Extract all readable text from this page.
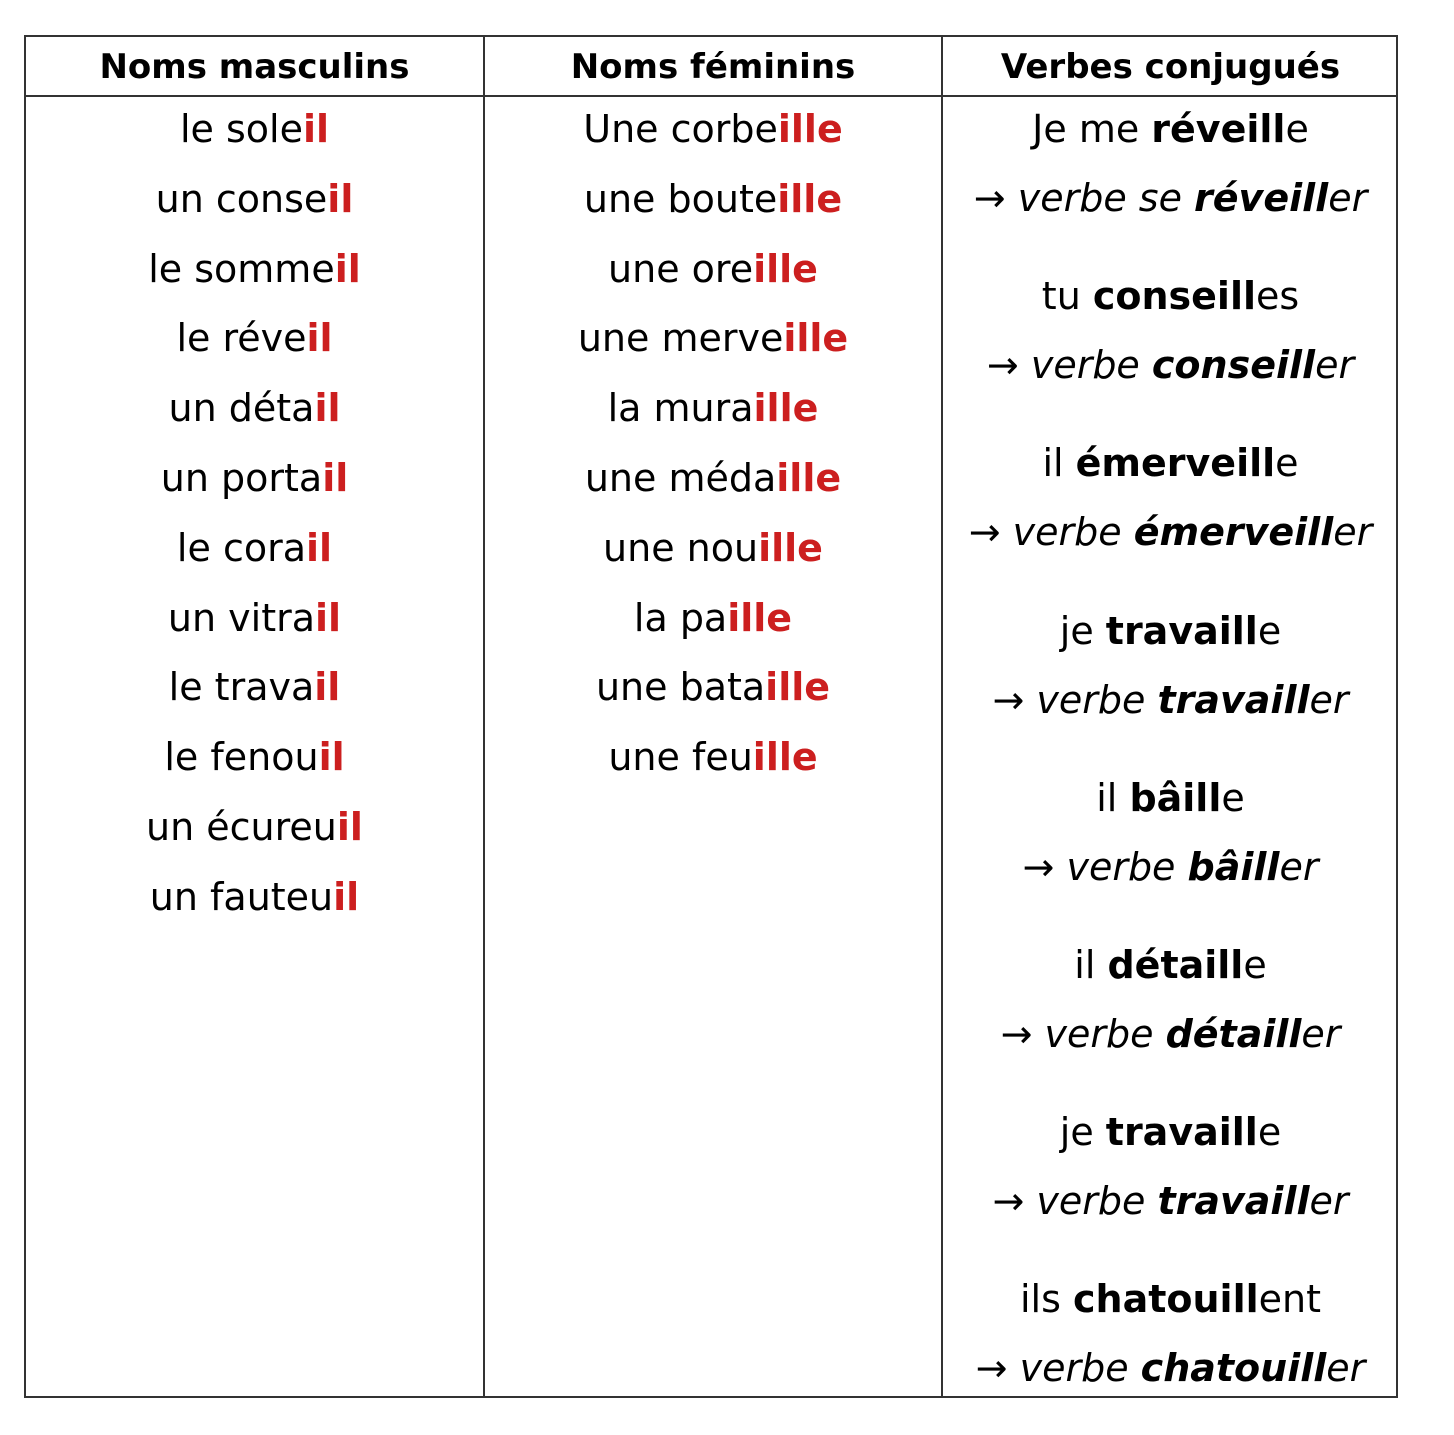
Noms masculins	Noms féminins	Verbes conjugués
le soleil
un conseil
le sommeil
le réveil
un détail
un portail
le corail
un vitrail
le travail
le fenouil
un écureuil
un fauteuil
Une corbeille
une bouteille
une oreille
une merveille
la muraille
une médaille
une nouille
la paille
une bataille
une feuille
Je me réveille
→ verbe se réveiller
tu conseilles
→ verbe conseiller
il émerveille
→ verbe émerveiller
je travaille
→ verbe travailler
il bâille
→ verbe bâiller
il détaille
→ verbe détailler
je travaille
→ verbe travailler
ils chatouillent
→ verbe chatouiller
